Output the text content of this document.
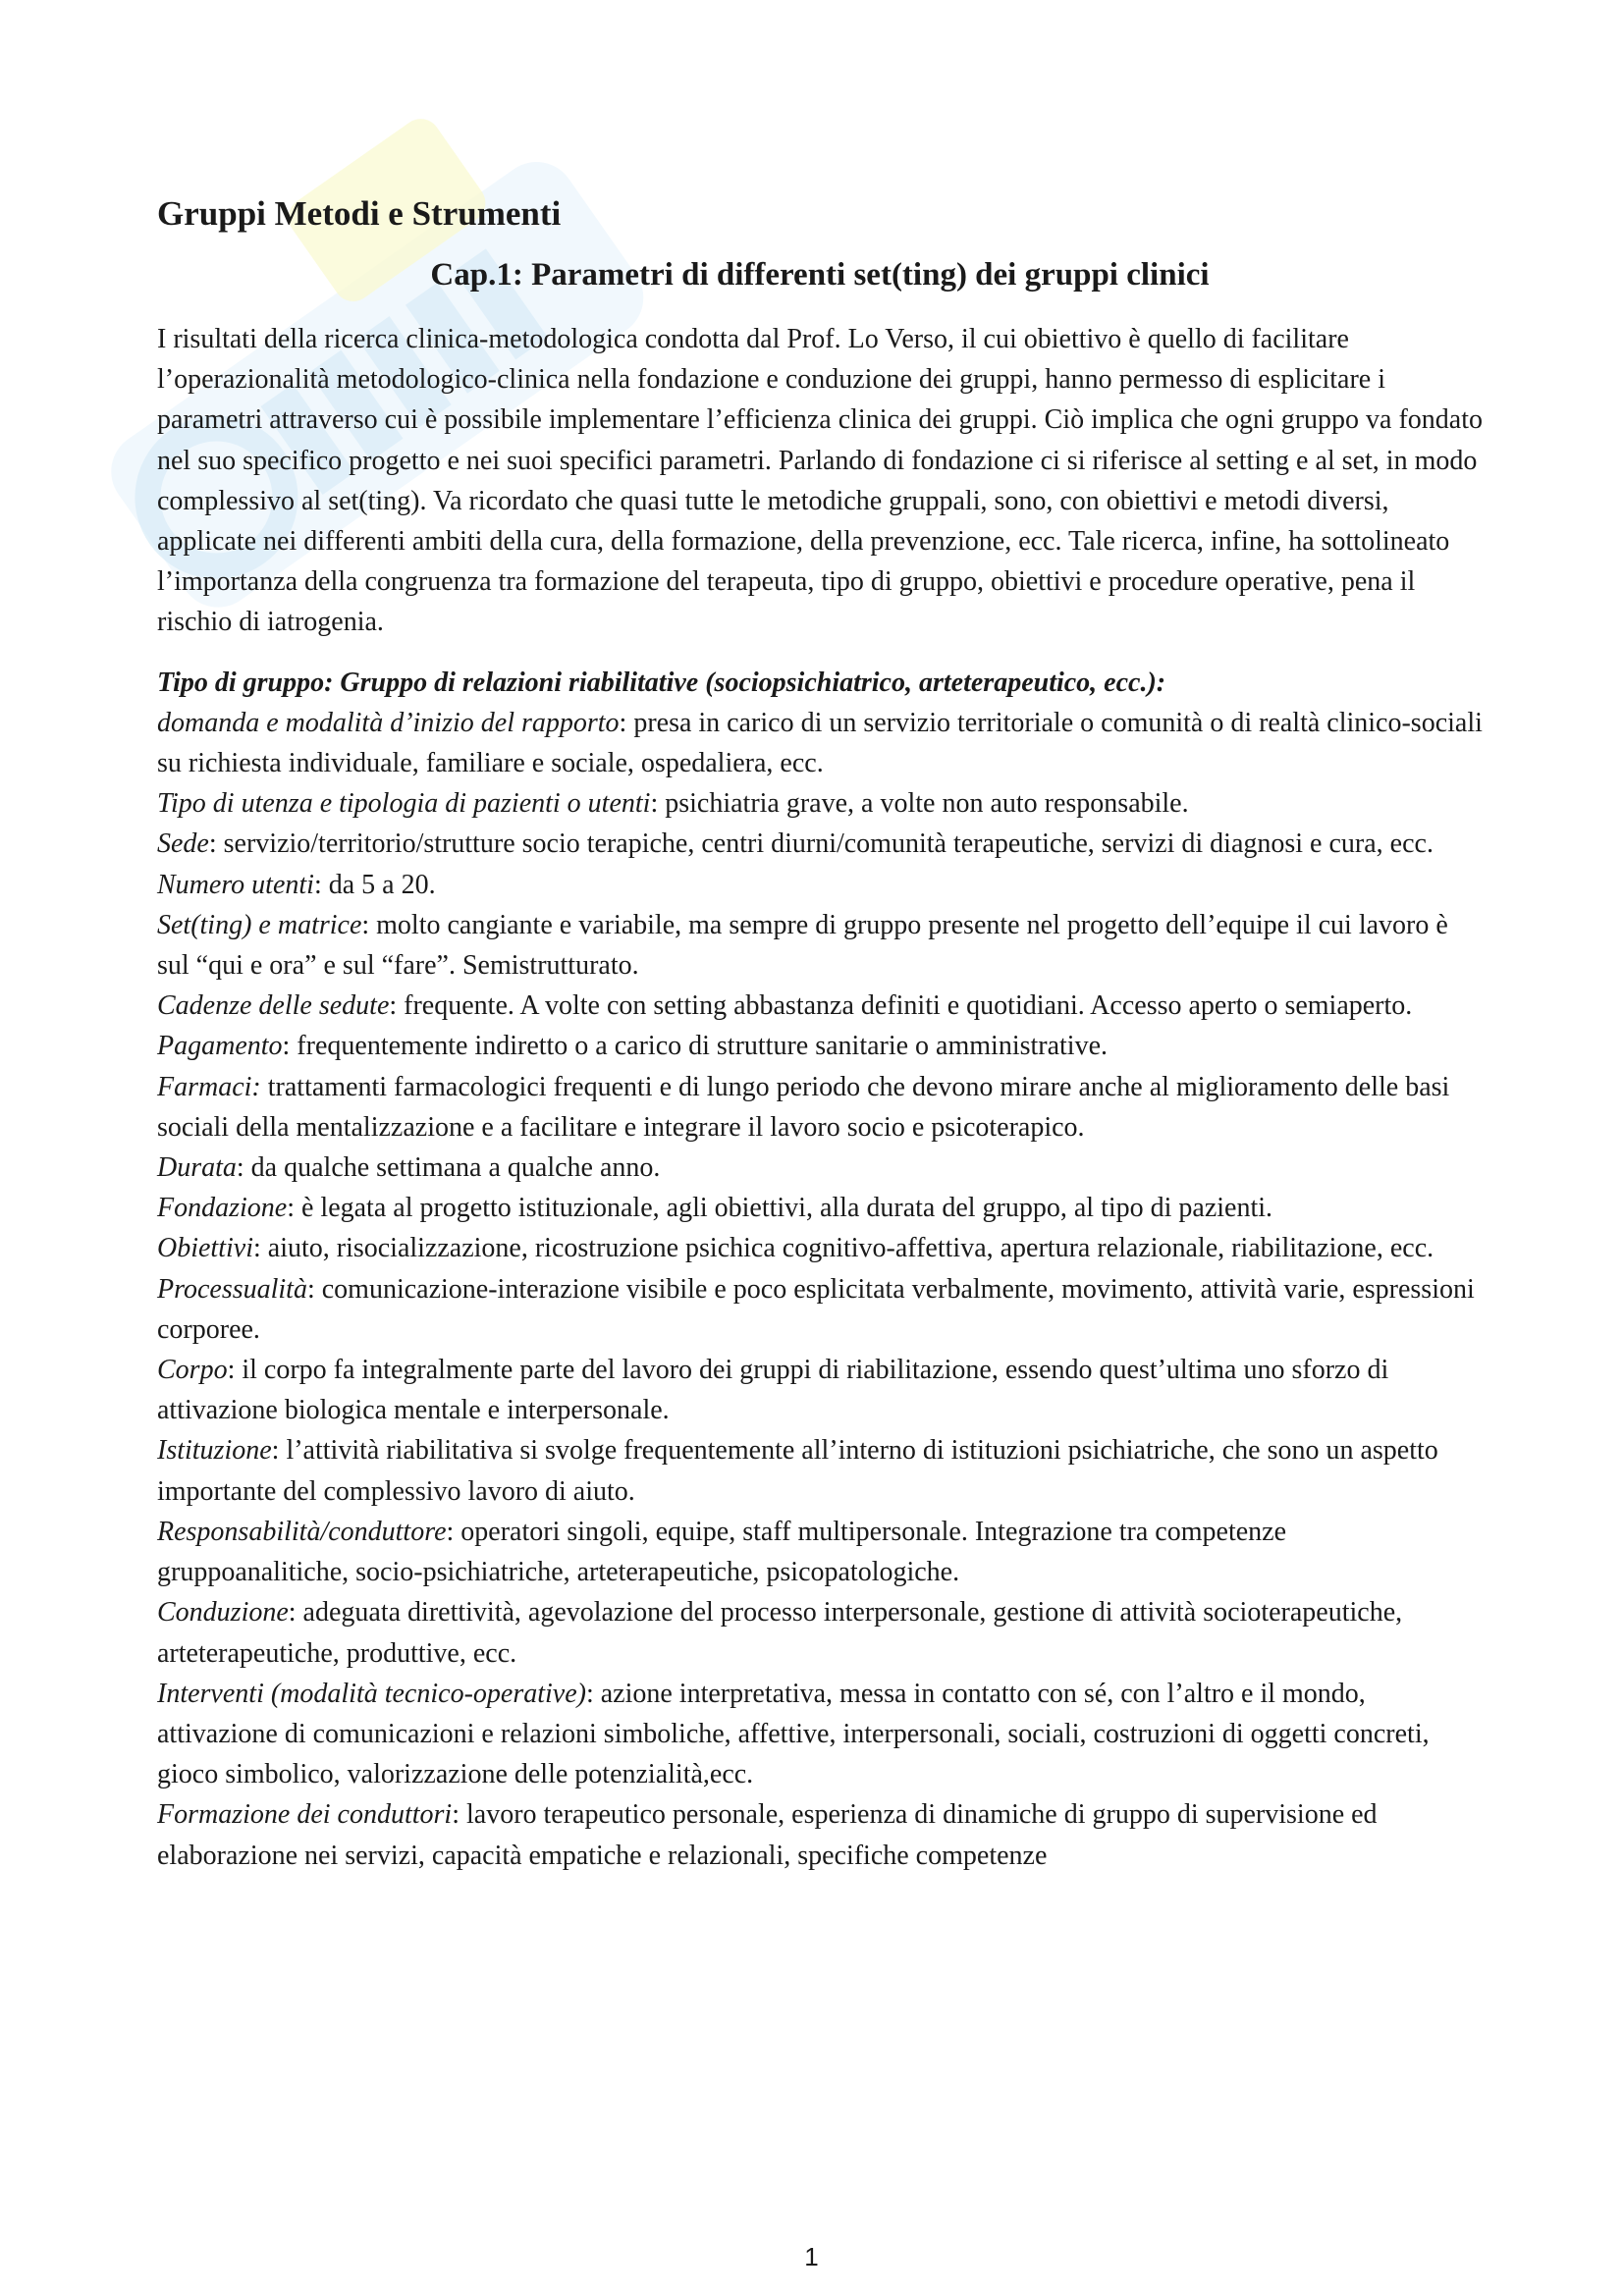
Gruppi Metodi e Strumenti
Cap.1: Parametri di differenti set(ting) dei gruppi clinici

I risultati della ricerca clinica-metodologica condotta dal Prof. Lo Verso, il cui obiettivo è quello di facilitare l’operazionalità metodologico-clinica nella fondazione e conduzione dei gruppi, hanno permesso di esplicitare i parametri attraverso cui è possibile implementare l’efficienza clinica dei gruppi. Ciò implica che ogni gruppo va fondato nel suo specifico progetto e nei suoi specifici parametri. Parlando di fondazione ci si riferisce al setting e al set, in modo complessivo al set(ting). Va ricordato che quasi tutte le metodiche gruppali, sono, con obiettivi e metodi diversi, applicate nei differenti ambiti della cura, della formazione, della prevenzione, ecc. Tale ricerca, infine, ha sottolineato l’importanza della congruenza tra formazione del terapeuta, tipo di gruppo, obiettivi e procedure operative, pena il rischio di iatrogenia.

Tipo di gruppo: Gruppo di relazioni riabilitative (sociopsichiatrico, arteterapeutico, ecc.):

domanda e modalità d’inizio del rapporto: presa in carico di un servizio territoriale o comunità o di realtà clinico-sociali su richiesta individuale, familiare e sociale, ospedaliera, ecc.

Tipo di utenza e tipologia di pazienti o utenti: psichiatria grave, a volte non auto responsabile.

Sede: servizio/territorio/strutture socio terapiche, centri diurni/comunità terapeutiche, servizi di diagnosi e cura, ecc.

Numero utenti: da 5 a 20.

Set(ting) e matrice: molto cangiante e variabile, ma sempre di gruppo presente nel progetto dell’equipe il cui lavoro è sul “qui e ora” e sul “fare”. Semistrutturato.

Cadenze delle sedute: frequente. A volte con setting abbastanza definiti e quotidiani. Accesso aperto o semiaperto.

Pagamento: frequentemente indiretto o a carico di strutture sanitarie o amministrative.

Farmaci: trattamenti farmacologici frequenti e di lungo periodo che devono mirare anche al miglioramento delle basi sociali della mentalizzazione e a facilitare e integrare il lavoro socio e psicoterapico.

Durata: da qualche settimana a qualche anno.

Fondazione: è legata al progetto istituzionale, agli obiettivi, alla durata del gruppo, al tipo di pazienti.

Obiettivi: aiuto, risocializzazione, ricostruzione psichica cognitivo-affettiva, apertura relazionale, riabilitazione, ecc.

Processualità: comunicazione-interazione visibile e poco esplicitata verbalmente, movimento, attività varie, espressioni corporee.

Corpo: il corpo fa integralmente parte del lavoro dei gruppi di riabilitazione, essendo quest’ultima uno sforzo di attivazione biologica mentale e interpersonale.

Istituzione: l’attività riabilitativa si svolge frequentemente all’interno di istituzioni psichiatriche, che sono un aspetto importante del complessivo lavoro di aiuto.

Responsabilità/conduttore: operatori singoli, equipe, staff multipersonale. Integrazione tra competenze gruppoanalitiche, socio-psichiatriche, arteterapeutiche, psicopatologiche.

Conduzione: adeguata direttività, agevolazione del processo interpersonale, gestione di attività socioterapeutiche, arteterapeutiche, produttive, ecc.

Interventi (modalità tecnico-operative): azione interpretativa, messa in contatto con sé, con l’altro e il mondo, attivazione di comunicazioni e relazioni simboliche, affettive, interpersonali, sociali, costruzioni di oggetti concreti, gioco simbolico, valorizzazione delle potenzialità,ecc.

Formazione dei conduttori: lavoro terapeutico personale, esperienza di dinamiche di gruppo di supervisione ed elaborazione nei servizi, capacità empatiche e relazionali, specifiche competenze

1
